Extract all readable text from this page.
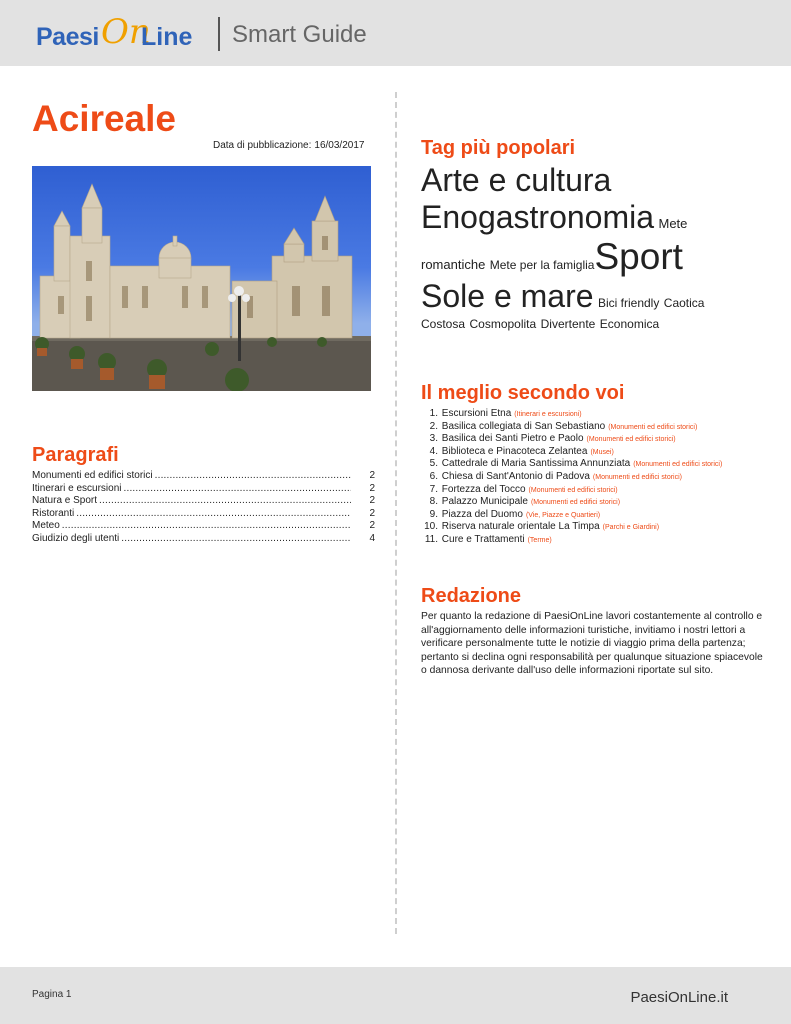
Paesi On
Line Smart Guide
Acireale
Data di pubblicazione: 16/03/2017
Paragrafi
Monumenti ed edifici storici .....	2
Itinerari e escursioni .....	2
Natura e Sport .....	2
Ristoranti .....	2
Meteo .....	2
Giudizio degli utenti .....	4
Tag più popolari
Arte e cultura
Enogastronomia Mete
romantiche Mete per la famigliaSport
Sole e mare Bici friendly Caotica
Costosa Cosmopolita Divertente Economica
Il meglio secondo voi
1. Escursioni Etna (Itinerari e escursioni)
2. Basilica collegiata di San Sebastiano (Monumenti ed edifici storici)
3. Basilica dei Santi Pietro e Paolo (Monumenti ed edifici storici)
4. Biblioteca e Pinacoteca Zelantea (Musei)
5. Cattedrale di Maria Santissima Annunziata (Monumenti ed edifici storici)
6. Chiesa di Sant'Antonio di Padova (Monumenti ed edifici storici)
7. Fortezza del Tocco (Monumenti ed edifici storici)
8. Palazzo Municipale (Monumenti ed edifici storici)
9. Piazza del Duomo (Vie, Piazze e Quartieri)
10. Riserva naturale orientale La Timpa (Parchi e Giardini)
11. Cure e Trattamenti (Terme)
Redazione

Per quanto la redazione di PaesiOnLine lavori costantemente al controllo e all'aggiornamento delle informazioni turistiche, invitiamo i nostri lettori a verificare personalmente tutte le notizie di viaggio prima della partenza; pertanto si declina ogni responsabilità per qualunque situazione spiacevole o dannosa derivante dall'uso delle informazioni riportate sul sito.

Pagina 1	PaesiOnLine.it
